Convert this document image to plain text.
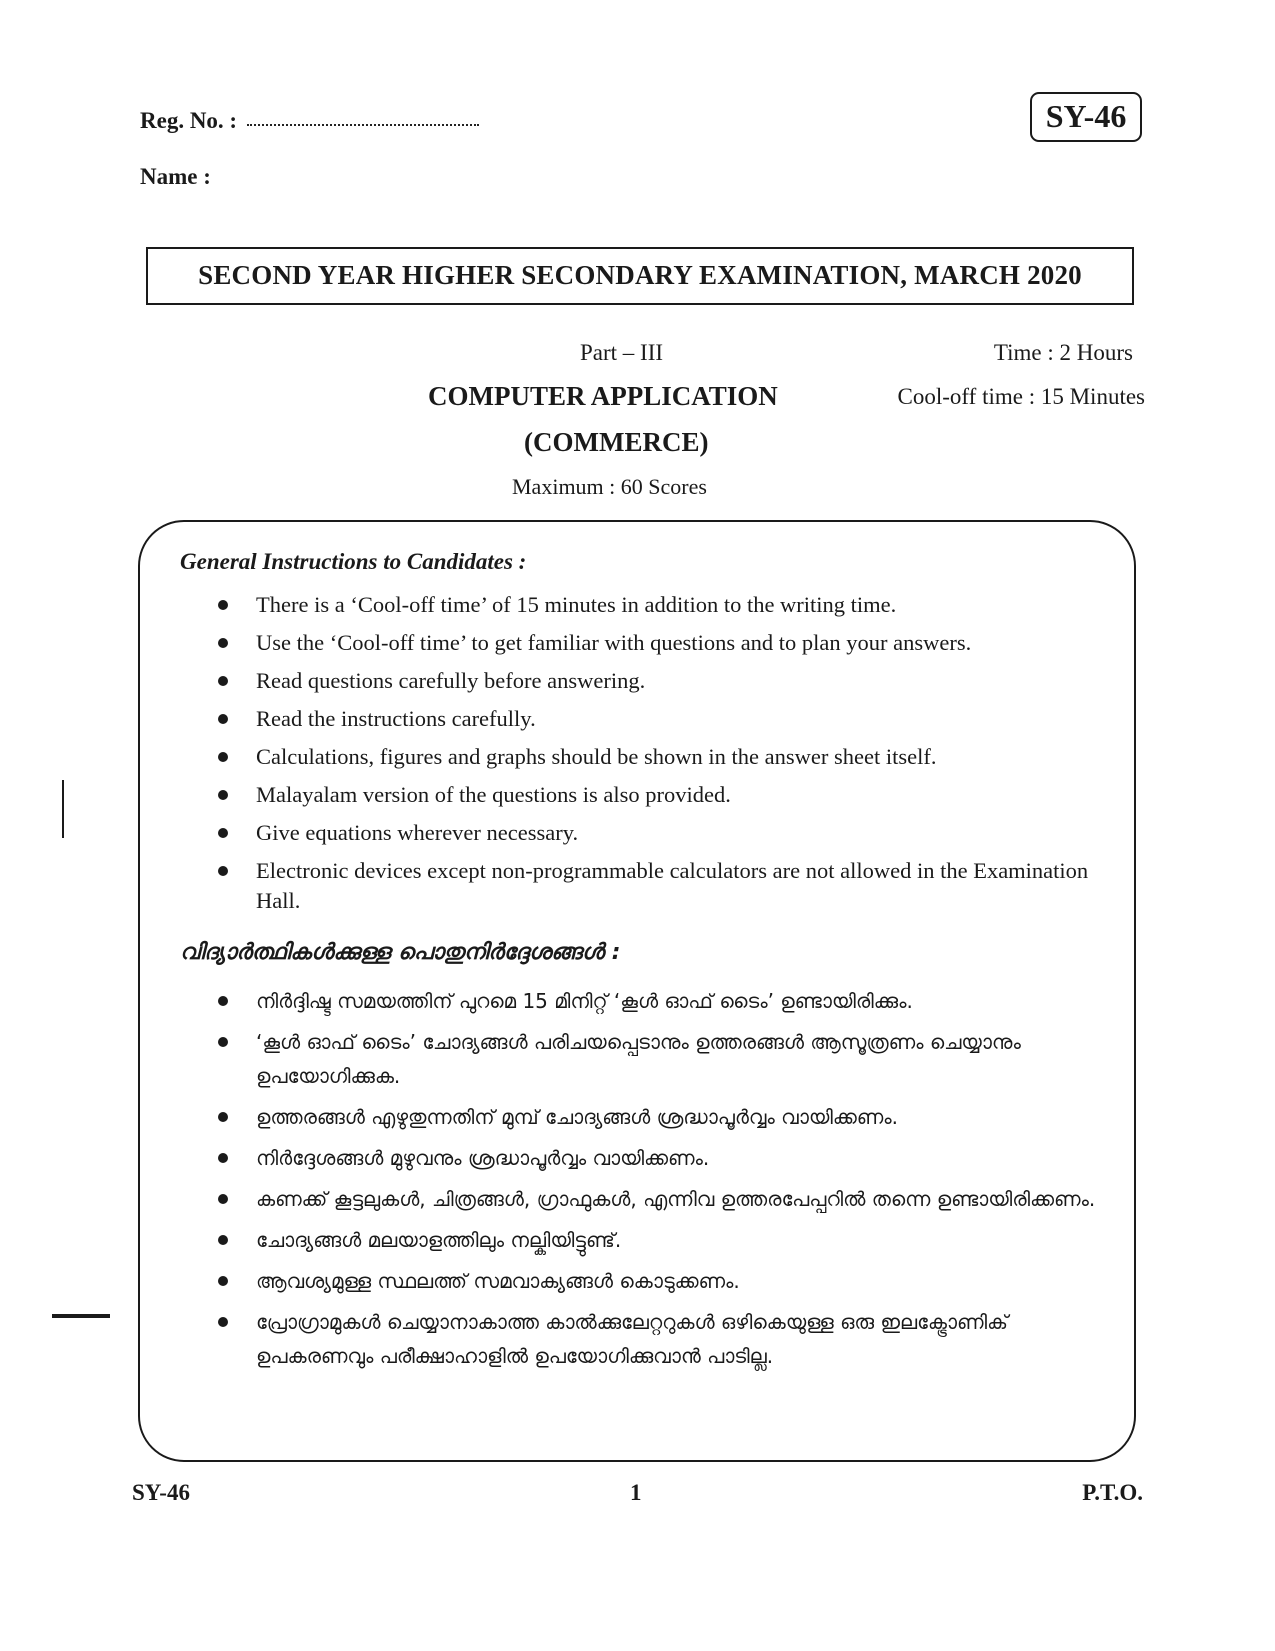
Reg. No. :
Name :
SY-46
SECOND YEAR HIGHER SECONDARY EXAMINATION, MARCH 2020
Part – III	Time : 2 Hours
COMPUTER APPLICATION	Cool-off time : 15 Minutes
(COMMERCE)
Maximum : 60 Scores
General Instructions to Candidates :
There is a ‘Cool-off time’ of 15 minutes in addition to the writing time.
Use the ‘Cool-off time’ to get familiar with questions and to plan your answers.
Read questions carefully before answering.
Read the instructions carefully.
Calculations, figures and graphs should be shown in the answer sheet itself.
Malayalam version of the questions is also provided.
Give equations wherever necessary.
Electronic devices except non-programmable calculators are not allowed in the Examination Hall.
വിദ്യാർത്ഥികൾക്കുള്ള പൊതുനിർദ്ദേശങ്ങൾ :
നിർദ്ദിഷ്ട സമയത്തിന് പുറമെ 15 മിനിറ്റ് ‘കൂൾ ഓഫ് ടൈം’ ഉണ്ടായിരിക്കും.
‘കൂൾ ഓഫ് ടൈം’ ചോദ്യങ്ങൾ പരിചയപ്പെടാനും ഉത്തരങ്ങൾ ആസൂത്രണം ചെയ്യാനും ഉപയോഗിക്കുക.
ഉത്തരങ്ങൾ എഴുതുന്നതിന് മുമ്പ് ചോദ്യങ്ങൾ ശ്രദ്ധാപൂർവ്വം വായിക്കണം.
നിർദ്ദേശങ്ങൾ മുഴുവനും ശ്രദ്ധാപൂർവ്വം വായിക്കണം.
കണക്ക് കൂട്ടലുകൾ, ചിത്രങ്ങൾ, ഗ്രാഫുകൾ, എന്നിവ ഉത്തരപേപ്പറിൽ തന്നെ ഉണ്ടായിരിക്കണം.
ചോദ്യങ്ങൾ മലയാളത്തിലും നല്കിയിട്ടുണ്ട്.
ആവശ്യമുള്ള സ്ഥലത്ത് സമവാക്യങ്ങൾ കൊടുക്കണം.
പ്രോഗ്രാമുകൾ ചെയ്യാനാകാത്ത കാൽക്കുലേറ്ററുകൾ ഒഴികെയുള്ള ഒരു ഇലക്ട്രോണിക് ഉപകരണവും പരീക്ഷാഹാളിൽ ഉപയോഗിക്കുവാൻ പാടില്ല.
SY-46	1	P.T.O.
